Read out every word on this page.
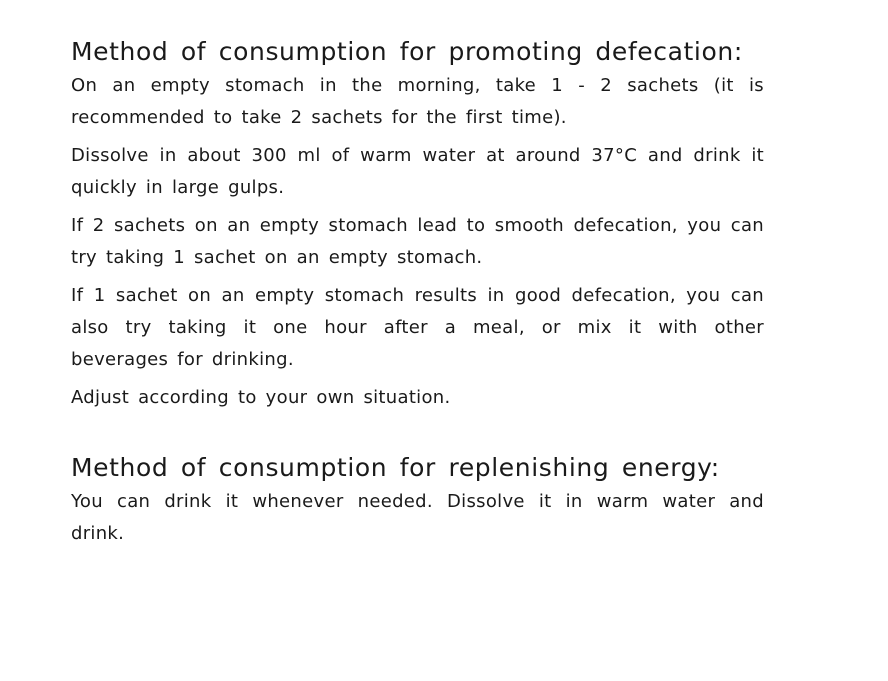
Method of consumption for promoting defecation:

On an empty stomach in the morning, take 1 - 2 sachets (it is recommended to take 2 sachets for the first time).

Dissolve in about 300 ml of warm water at around 37°C and drink it quickly in large gulps.

If 2 sachets on an empty stomach lead to smooth defecation, you can try taking 1 sachet on an empty stomach.

If 1 sachet on an empty stomach results in good defecation, you can also try taking it one hour after a meal, or mix it with other beverages for drinking.

Adjust according to your own situation.

Method of consumption for replenishing energy:

You can drink it whenever needed. Dissolve it in warm water and drink.
